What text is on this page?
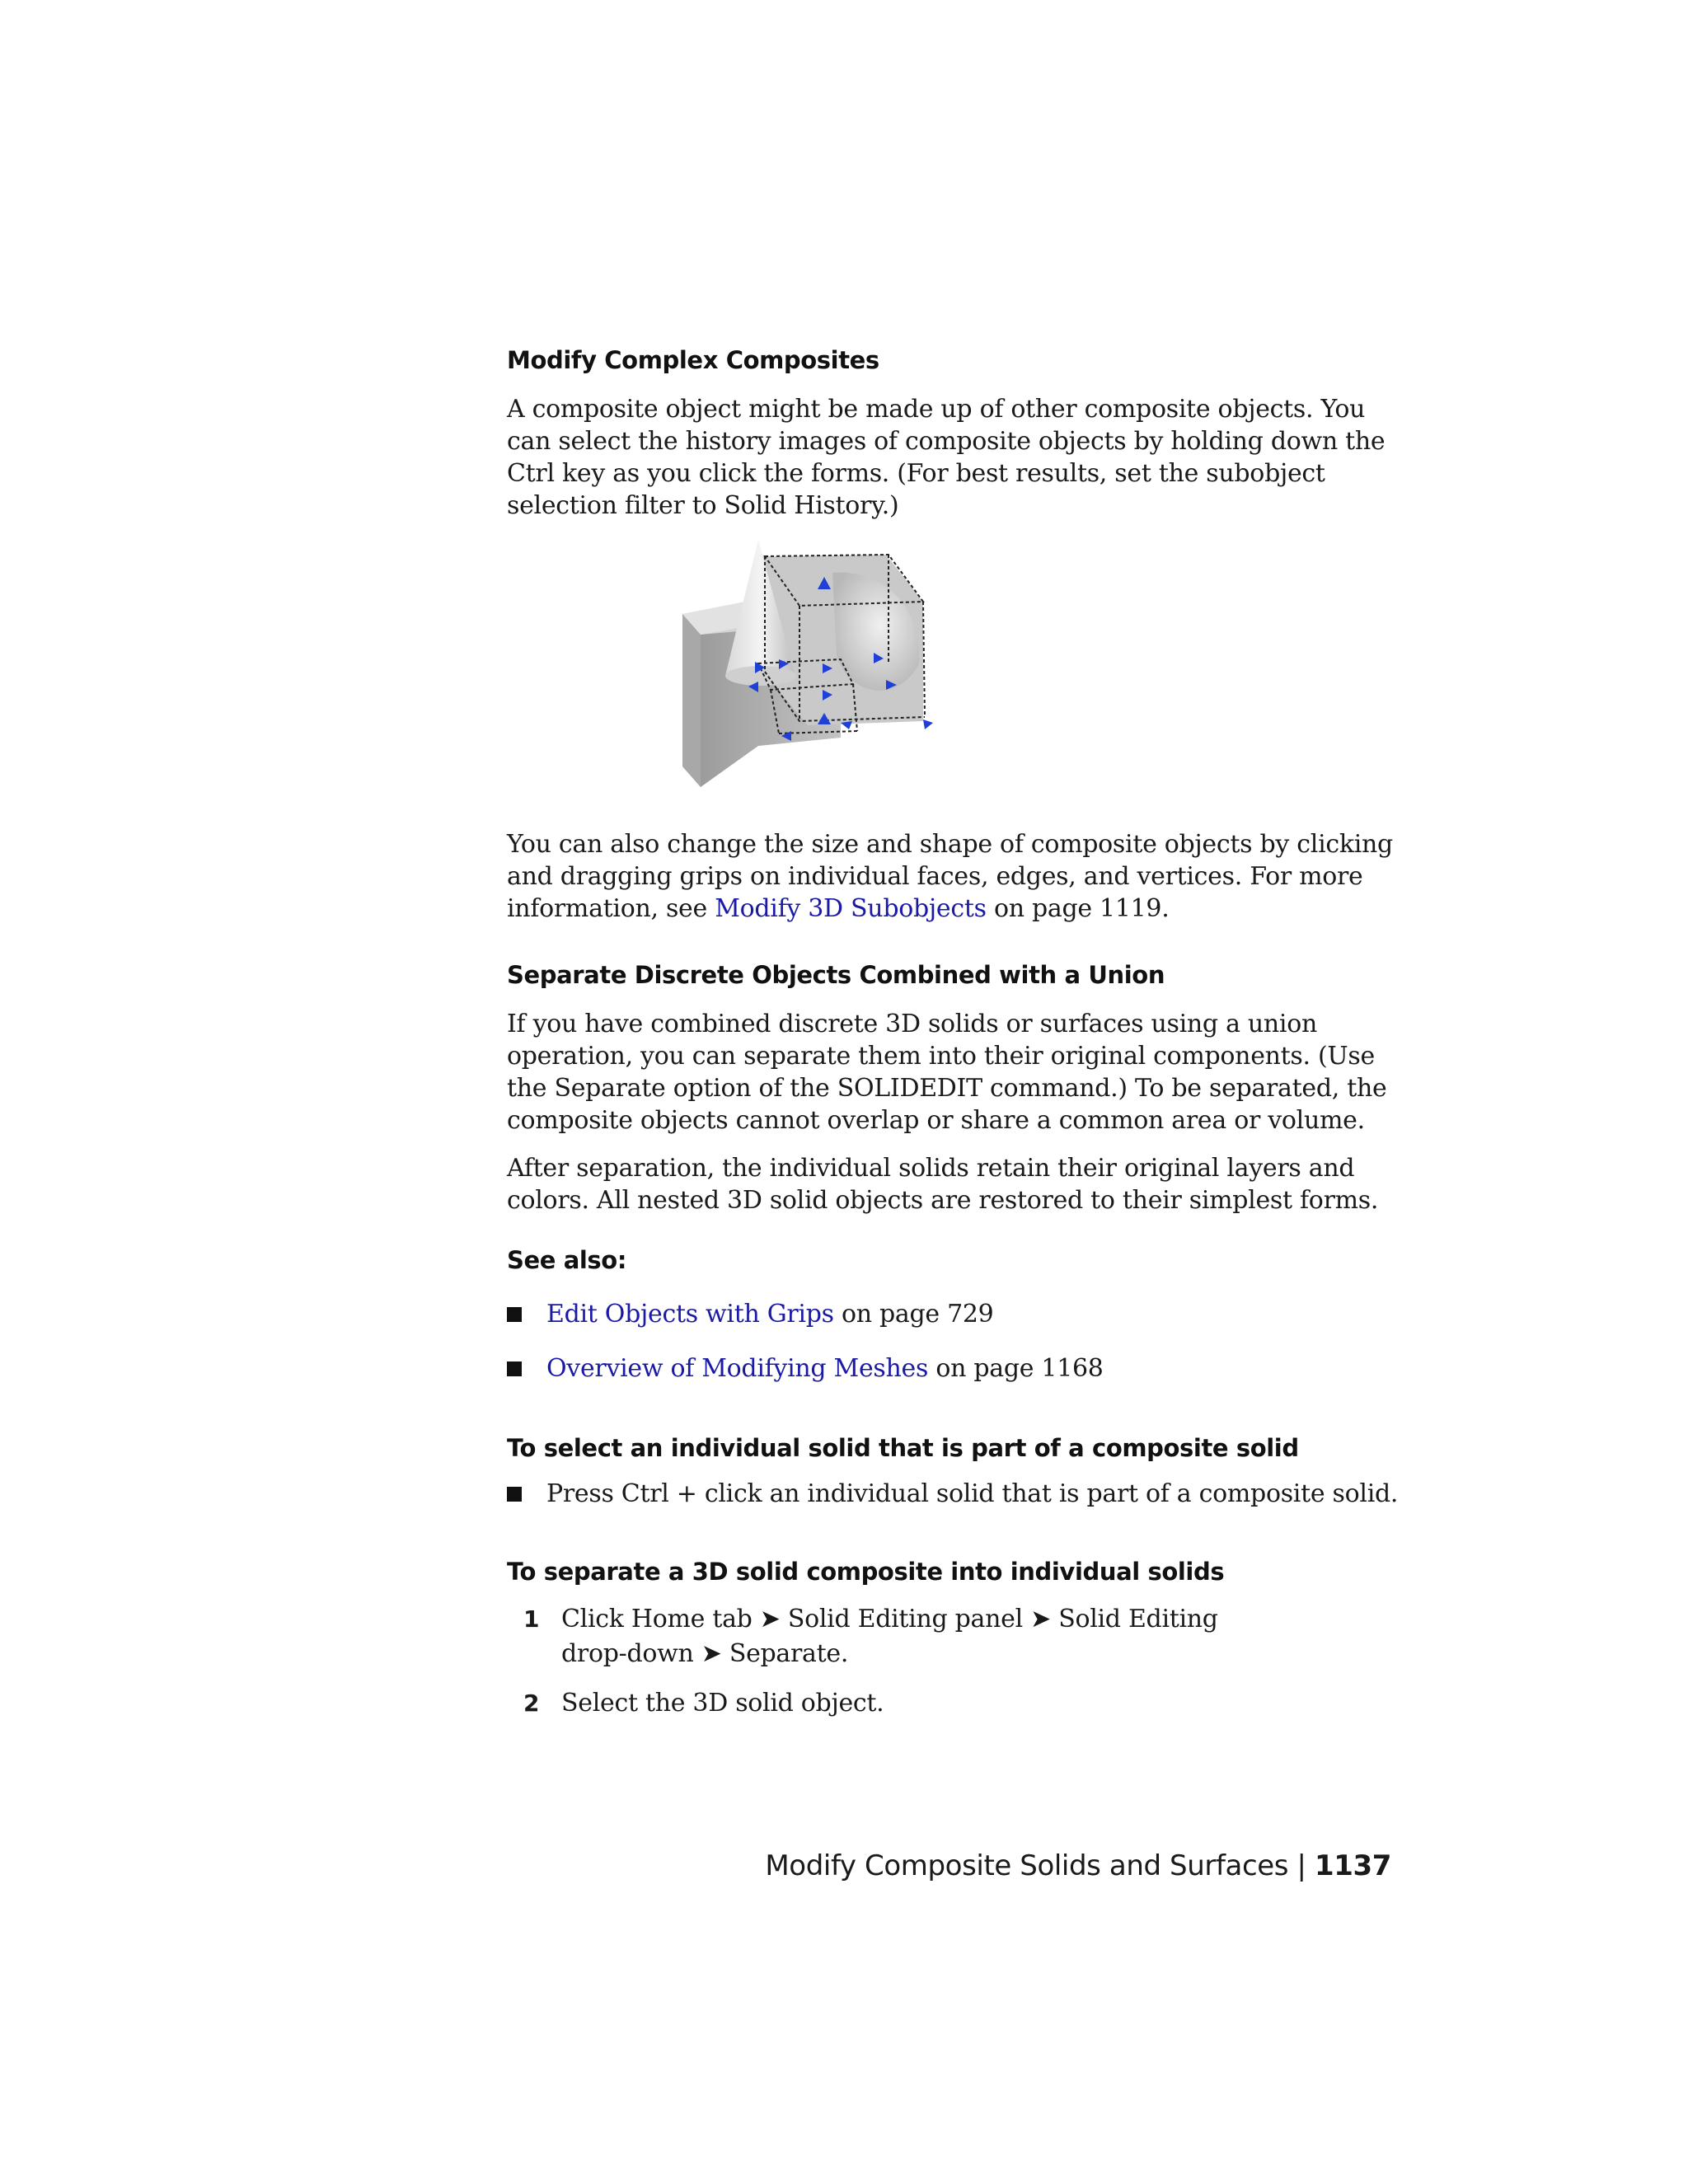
Modify Complex Composites

A composite object might be made up of other composite objects. You can select the history images of composite objects by holding down the Ctrl key as you click the forms. (For best results, set the subobject selection filter to Solid History.)

You can also change the size and shape of composite objects by clicking and dragging grips on individual faces, edges, and vertices. For more information, see Modify 3D Subobjects on page 1119.

Separate Discrete Objects Combined with a Union

If you have combined discrete 3D solids or surfaces using a union operation, you can separate them into their original components. (Use the Separate option of the SOLIDEDIT command.) To be separated, the composite objects cannot overlap or share a common area or volume.

After separation, the individual solids retain their original layers and colors. All nested 3D solid objects are restored to their simplest forms.

See also:
Edit Objects with Grips on page 729
Overview of Modifying Meshes on page 1168
To select an individual solid that is part of a composite solid
Press Ctrl + click an individual solid that is part of a composite solid.
To separate a 3D solid composite into individual solids
1 Click Home tab ➤ Solid Editing panel ➤ Solid Editing drop-down ➤ Separate.
2 Select the 3D solid object.
Modify Composite Solids and Surfaces | 1137
